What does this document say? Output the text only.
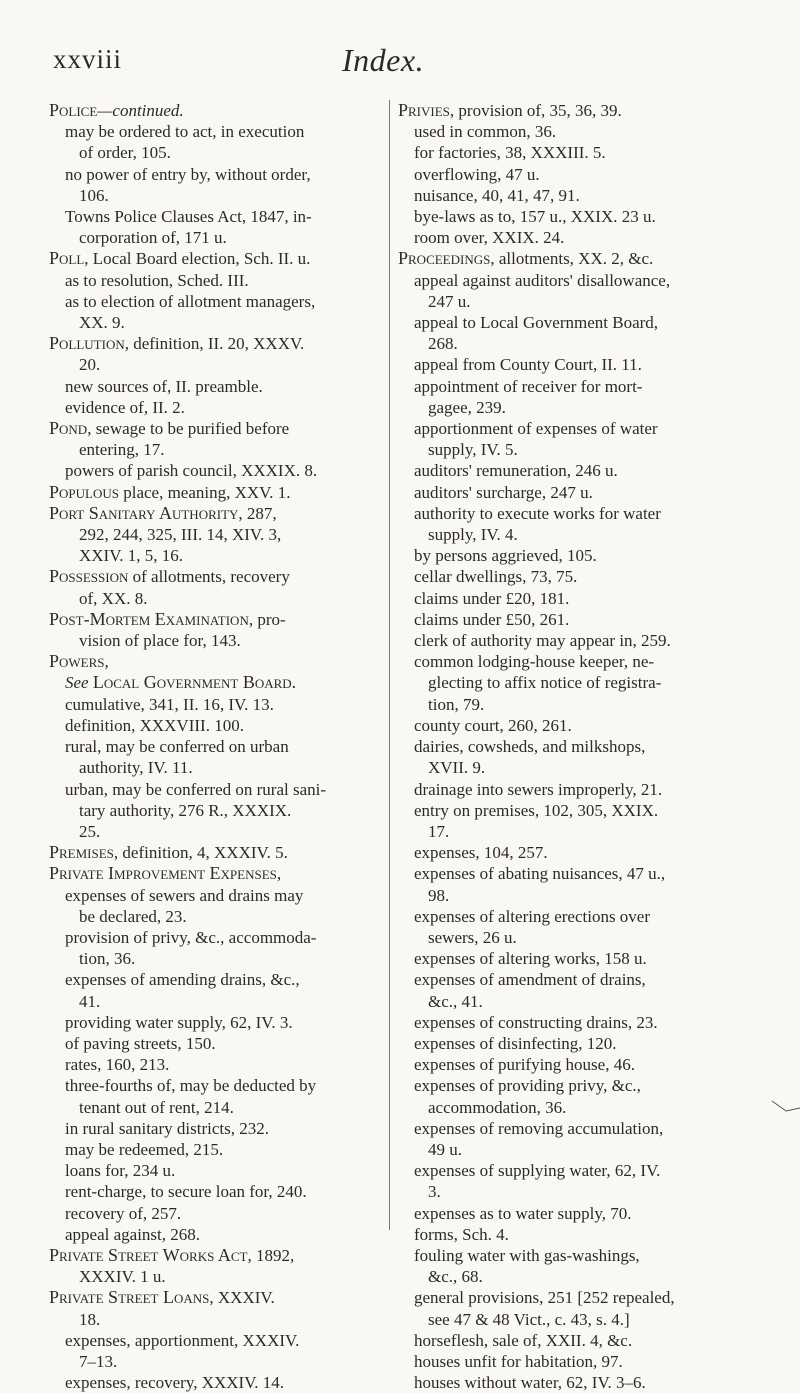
xxviii	Index.
Police—continued.
may be ordered to act, in execution
of order, 105.
no power of entry by, without order,
106.
Towns Police Clauses Act, 1847, in-
corporation of, 171 u.
Poll, Local Board election, Sch. II. u.
as to resolution, Sched. III.
as to election of allotment managers,
XX. 9.
Pollution, definition, II. 20, XXXV.
20.
new sources of, II. preamble.
evidence of, II. 2.
Pond, sewage to be purified before
entering, 17.
powers of parish council, XXXIX. 8.
Populous place, meaning, XXV. 1.
Port Sanitary Authority, 287,
292, 244, 325, III. 14, XIV. 3,
XXIV. 1, 5, 16.
Possession of allotments, recovery
of, XX. 8.
Post-Mortem Examination, pro-
vision of place for, 143.
Powers,
See Local Government Board.
cumulative, 341, II. 16, IV. 13.
definition, XXXVIII. 100.
rural, may be conferred on urban
authority, IV. 11.
urban, may be conferred on rural sani-
tary authority, 276 R., XXXIX.
25.
Premises, definition, 4, XXXIV. 5.
Private Improvement Expenses,
expenses of sewers and drains may
be declared, 23.
provision of privy, &c., accommoda-
tion, 36.
expenses of amending drains, &c.,
41.
providing water supply, 62, IV. 3.
of paving streets, 150.
rates, 160, 213.
three-fourths of, may be deducted by
tenant out of rent, 214.
in rural sanitary districts, 232.
may be redeemed, 215.
loans for, 234 u.
rent-charge, to secure loan for, 240.
recovery of, 257.
appeal against, 268.
Private Street Works Act, 1892,
XXXIV. 1 u.
Private Street Loans, XXXIV.
18.
expenses, apportionment, XXXIV.
7–13.
expenses, recovery, XXXIV. 14.
Privies, provision of, 35, 36, 39.
used in common, 36.
for factories, 38, XXXIII. 5.
overflowing, 47 u.
nuisance, 40, 41, 47, 91.
bye-laws as to, 157 u., XXIX. 23 u.
room over, XXIX. 24.
Proceedings, allotments, XX. 2, &c.
appeal against auditors' disallowance,
247 u.
appeal to Local Government Board,
268.
appeal from County Court, II. 11.
appointment of receiver for mort-
gagee, 239.
apportionment of expenses of water
supply, IV. 5.
auditors' remuneration, 246 u.
auditors' surcharge, 247 u.
authority to execute works for water
supply, IV. 4.
by persons aggrieved, 105.
cellar dwellings, 73, 75.
claims under £20, 181.
claims under £50, 261.
clerk of authority may appear in, 259.
common lodging-house keeper, ne-
glecting to affix notice of registra-
tion, 79.
county court, 260, 261.
dairies, cowsheds, and milkshops,
XVII. 9.
drainage into sewers improperly, 21.
entry on premises, 102, 305, XXIX.
17.
expenses, 104, 257.
expenses of abating nuisances, 47 u.,
98.
expenses of altering erections over
sewers, 26 u.
expenses of altering works, 158 u.
expenses of amendment of drains,
&c., 41.
expenses of constructing drains, 23.
expenses of disinfecting, 120.
expenses of purifying house, 46.
expenses of providing privy, &c.,
accommodation, 36.
expenses of removing accumulation,
49 u.
expenses of supplying water, 62, IV.
3.
expenses as to water supply, 70.
forms, Sch. 4.
fouling water with gas-washings,
&c., 68.
general provisions, 251 [252 repealed,
see 47 & 48 Vict., c. 43, s. 4.]
horseflesh, sale of, XXII. 4, &c.
houses unfit for habitation, 97.
houses without water, 62, IV. 3–6.
